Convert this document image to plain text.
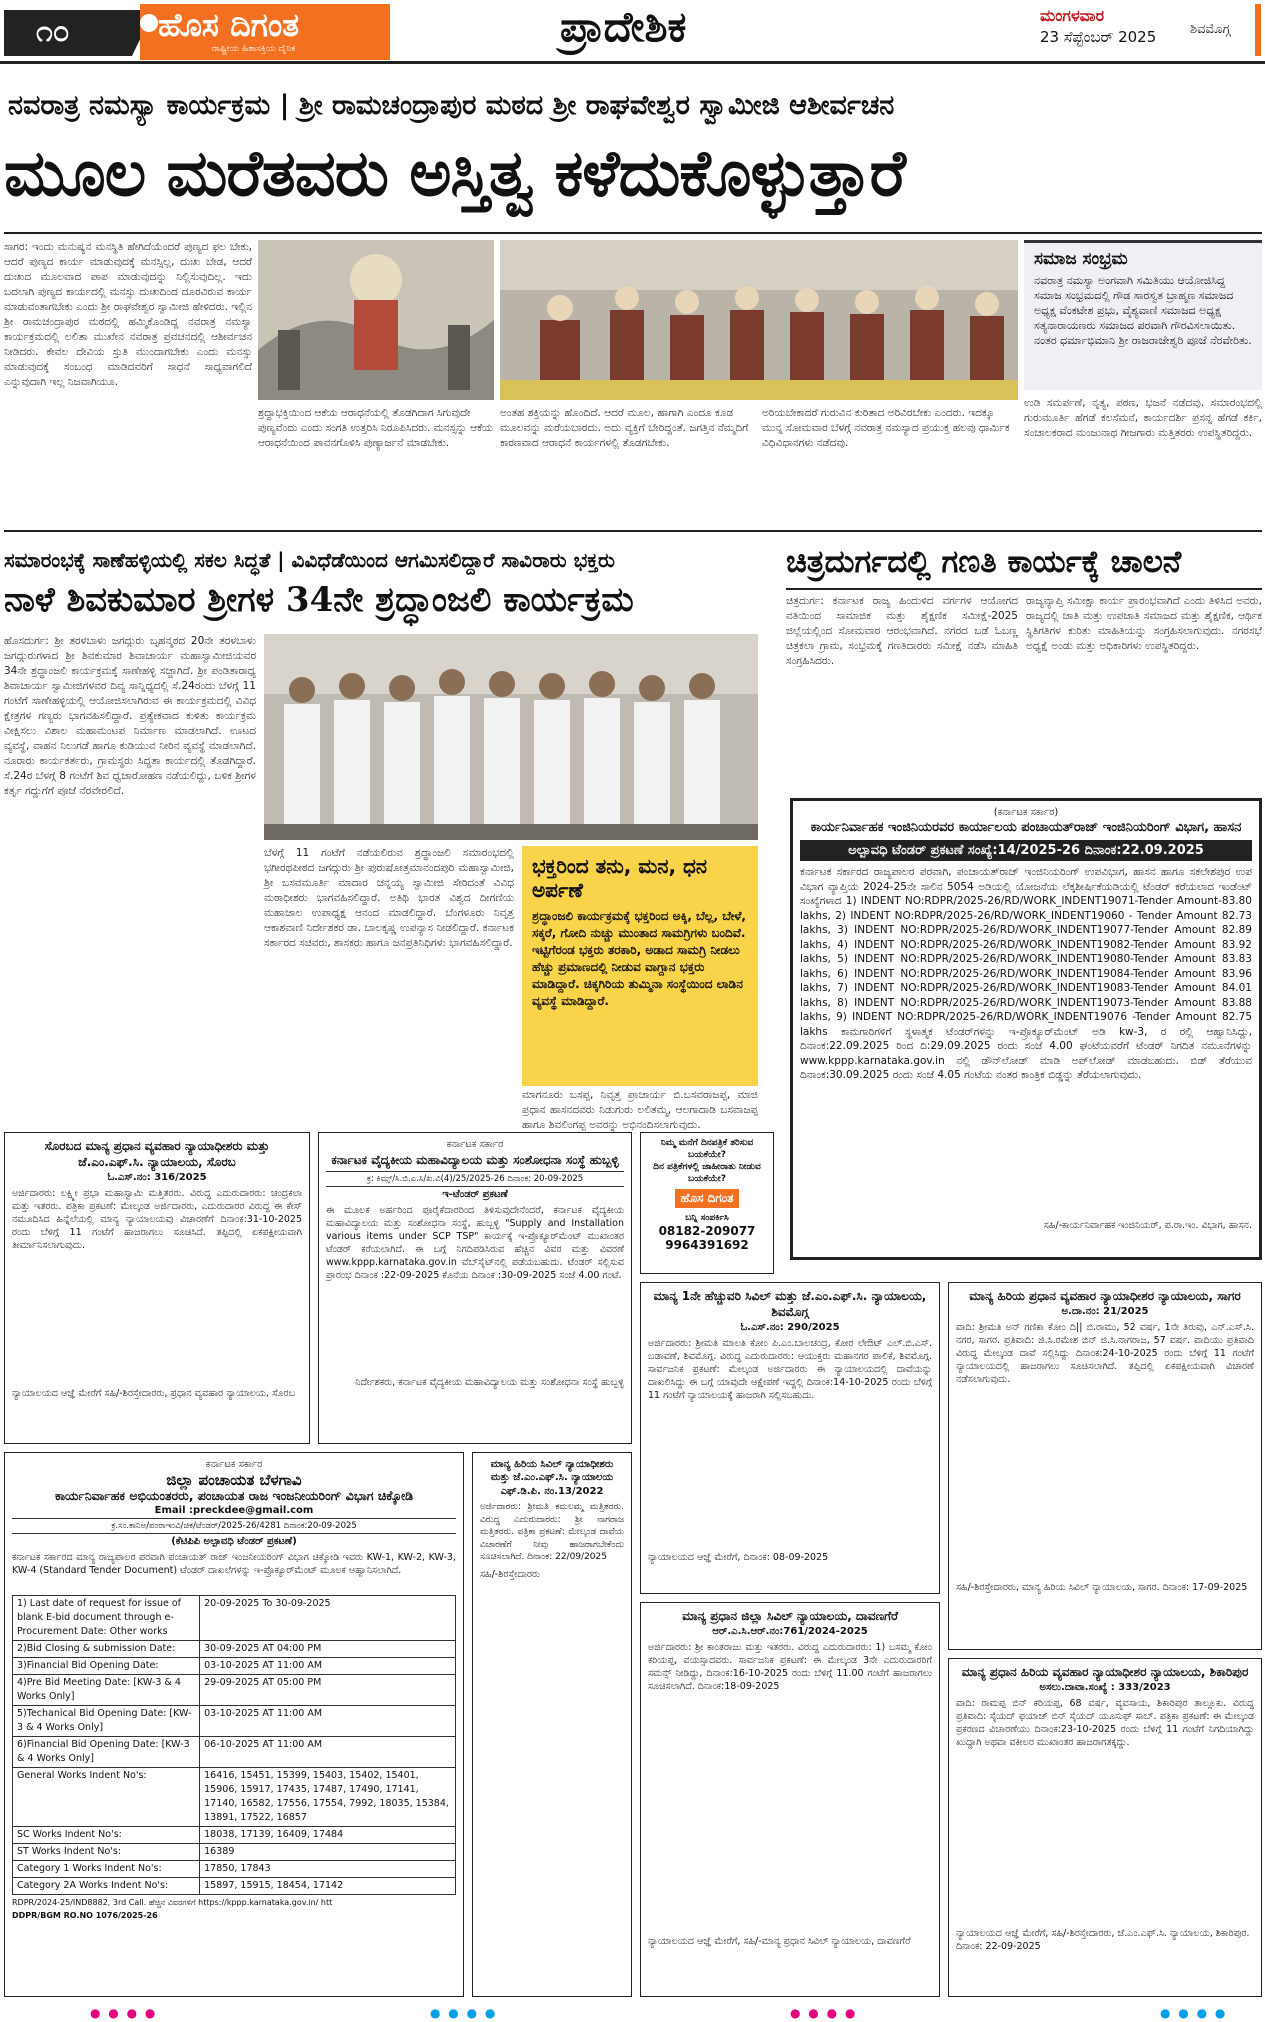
೧೦	ಹೊಸ ದಿಗಂತ
ರಾಷ್ಟ್ರೀಯ ಹಿತಾಸಕ್ತಿಯ ದೈನಿಕ	ಪ್ರಾದೇಶಿಕ	ಮಂಗಳವಾರ
23 ಸೆಪ್ಟೆಂಬರ್ 2025	ಶಿವಮೊಗ್ಗ
ನವರಾತ್ರ ನಮಸ್ಯಾ ಕಾರ್ಯಕ್ರಮ | ಶ್ರೀ ರಾಮಚಂದ್ರಾಪುರ ಮಠದ ಶ್ರೀ ರಾಘವೇಶ್ವರ ಸ್ವಾಮೀಜಿ ಆಶೀರ್ವಚನ
ಮೂಲ ಮರೆತವರು ಅಸ್ತಿತ್ವ ಕಳೆದುಕೊಳ್ಳುತ್ತಾರೆ
ಸಾಗರ: ಇಂದು ಮನುಷ್ಯನ ಮನಸ್ಥಿತಿ ಹೇಗಿದೆಯೆಂದರೆ ಪುಣ್ಯದ ಫಲ ಬೇಕು, ಆದರೆ ಪುಣ್ಯದ ಕಾರ್ಯ ಮಾಡುವುದಕ್ಕೆ ಮನಸ್ಸಿಲ್ಲ, ದುಃಖ ಬೇಡ, ಆದರೆ ದುಃಖದ ಮೂಲವಾದ ಪಾಪ ಮಾಡುವುದನ್ನು ನಿಲ್ಲಿಸುವುದಿಲ್ಲ. ಇದು ಬದಲಾಗಿ ಪುಣ್ಯದ ಕಾರ್ಯದಲ್ಲಿ ಮನಸ್ಸು ದುಃಖದಿಂದ ದೂರವಿರುವ ಕಾರ್ಯ ಮಾಡುವಂತಾಗಬೇಕು ಎಂದು ಶ್ರೀ ರಾಘವೇಶ್ವರ ಸ್ವಾಮೀಜಿ ಹೇಳಿದರು. ಇಲ್ಲಿನ ಶ್ರೀ ರಾಮಚಂದ್ರಾಪುರ ಮಠದಲ್ಲಿ ಹಮ್ಮಿಕೊಂಡಿದ್ದ ನವರಾತ್ರ ನಮಸ್ಯಾ ಕಾರ್ಯಕ್ರಮದಲ್ಲಿ ಲಲಿತಾ ಮುಖೇನ ನವರಾತ್ರ ಪ್ರವಚನದಲ್ಲಿ ಆಶೀರ್ವಚನ ನೀಡಿದರು. ಕೇವಲ ದೇವಿಯ ಸ್ತುತಿ ಮುಂದಾಗಬೇಕು ಎಂದು ಮನಸ್ಸು ಮಾಡುವುದಕ್ಕೆ ಸಂಬಂಧ ಮಾಡಿದವರಿಗೆ ಸಾಧನೆ ಸಾಧ್ಯವಾಗಲಿದೆ ಎನ್ನುವುದಾಗಿ ಇಲ್ಲ ನಿಜವಾಗಿಯೂ.
ಶ್ರದ್ಧಾಭಕ್ತಿಯಿಂದ ಆಕೆಯ ಆರಾಧನೆಯಲ್ಲಿ ತೊಡಗಿದಾಗ ಸಿಗುವುದೇ ಪುಣ್ಯವೆಂದು ಎಂದು ಸಂಗತಿ ಉತ್ತರಿಸಿ ನಿರೂಪಿಸಿದರು. ಮನಸ್ಸನ್ನು ಆಕೆಯ ಆರಾಧನೆಯಿಂದ ಪಾವನಗೊಳಿಸಿ ಪುಣ್ಯಾರ್ಜನೆ ಮಾಡಬೇಕು.
ಅಂತಹ ಶಕ್ತಿಯನ್ನು ಹೊಂದಿದೆ. ಆದರೆ ಮೂಲ, ಹಾಗಾಗಿ ಎಂದೂ ಕೂಡ ಮೂಲವನ್ನು ಮರೆಯಬಾರದು. ಅದು ವ್ಯಕ್ತಿಗೆ ಬೇರಿದ್ದಂತೆ. ಜಗತ್ತಿನ ನೆಮ್ಮದಿಗೆ ಕಾರಣವಾದ ಆರಾಧನೆ ಕಾರ್ಯಗಳಲ್ಲಿ ತೊಡಗಬೇಕು.
ಅರಿಯಬೇಕಾದರೆ ಗುರುವಿನ ಕುರಿತಾದ ಅರಿವಿರಬೇಕು ಎಂದರು. ಇದಕ್ಕೂ ಮುನ್ನ ಸೋಮವಾರ ಬೆಳಗ್ಗೆ ನವರಾತ್ರ ನಮಸ್ಯಾದ ಪ್ರಯುಕ್ತ ಹಲವು ಧಾರ್ಮಿಕ ವಿಧಿವಿಧಾನಗಳು ನಡೆದವು.
ಸಮಾಜ ಸಂಭ್ರಮ

ನವರಾತ್ರ ನಮಸ್ಯಾ ಅಂಗವಾಗಿ ಸಮಿತಿಯು ಆಯೋಜಿಸಿದ್ದ ಸಮಾಜ ಸಂಭ್ರಮದಲ್ಲಿ ಗೌಡ ಸಾರಸ್ವತ ಬ್ರಾಹ್ಮಣ ಸಮಾಜದ ಅಧ್ಯಕ್ಷ ವೆಂಕಟೇಶ ಪ್ರಭು, ವೈಶ್ಯವಾಣಿ ಸಮಾಜದ ಅಧ್ಯಕ್ಷ ಸತ್ಯನಾರಾಯಣರು ಸಮಾಜದ ಪರವಾಗಿ ಗೌರವಿಸಲಾಯಿತು. ನಂತರ ಧರ್ಮಾಭಿಮಾನಿ ಶ್ರೀ ರಾಜರಾಜೇಶ್ವರಿ ಪೂಜೆ ನೆರವೇರಿತು.

ಉಡಿ ಸಮರ್ಪಣೆ, ನೃತ್ಯ, ಪಠಣ, ಭಜನೆ ನಡೆದವು. ಸಮಾರಂಭದಲ್ಲಿ ಗುರುಮೂರ್ತಿ ಹೆಗಡೆ ಕಲಸೆಮನೆ, ಕಾರ್ಯದರ್ಶಿ ಪ್ರಸನ್ನ ಹೆಗಡೆ ಕರ್ಕಿ, ಸಂಚಾಲಕರಾದ ಮಂಜುನಾಥ ಗೀಜಗಾರು ಮತ್ತಿತರರು ಉಪಸ್ಥಿತರಿದ್ದರು.
ಸಮಾರಂಭಕ್ಕೆ ಸಾಣೆಹಳ್ಳಿಯಲ್ಲಿ ಸಕಲ ಸಿದ್ಧತೆ | ವಿವಿಧೆಡೆಯಿಂದ ಆಗಮಿಸಲಿದ್ದಾರೆ ಸಾವಿರಾರು ಭಕ್ತರು
ನಾಳೆ ಶಿವಕುಮಾರ ಶ್ರೀಗಳ 34ನೇ ಶ್ರದ್ಧಾಂಜಲಿ ಕಾರ್ಯಕ್ರಮ
ಹೊಸದುರ್ಗ: ಶ್ರೀ ತರಳಬಾಳು ಜಗದ್ಗುರು ಬೃಹನ್ಮಠದ 20ನೇ ತರಳಬಾಳು ಜಗದ್ಗುರುಗಳಾದ ಶ್ರೀ ಶಿವಕುಮಾರ ಶಿವಾಚಾರ್ಯ ಮಹಾಸ್ವಾಮೀಜಿಯವರ 34ನೇ ಶ್ರದ್ಧಾಂಜಲಿ ಕಾರ್ಯಕ್ರಮಕ್ಕೆ ಸಾಣೇಹಳ್ಳಿ ಸಜ್ಜಾಗಿದೆ. ಶ್ರೀ ಪಂಡಿತಾರಾಧ್ಯ ಶಿವಾಚಾರ್ಯ ಸ್ವಾಮೀಜಿಗಳವರ ದಿವ್ಯ ಸಾನ್ನಿಧ್ಯದಲ್ಲಿ ಸೆ.24ರಂದು ಬೆಳಗ್ಗೆ 11 ಗಂಟೆಗೆ ಸಾಣೇಹಳ್ಳಿಯಲ್ಲಿ ಆಯೋಜಿಸಲಾಗಿರುವ ಈ ಕಾರ್ಯಕ್ರಮದಲ್ಲಿ ವಿವಿಧ ಕ್ಷೇತ್ರಗಳ ಗಣ್ಯರು ಭಾಗವಹಿಸಲಿದ್ದಾರೆ. ಪ್ರತ್ಯೇಕವಾದ ಕುಳಿತು ಕಾರ್ಯಕ್ರಮ ವೀಕ್ಷಿಸಲು ವಿಶಾಲ ಮಹಾಮಂಟಪ ನಿರ್ಮಾಣ ಮಾಡಲಾಗಿದೆ. ಊಟದ ವ್ಯವಸ್ಥೆ, ವಾಹನ ನಿಲುಗಡೆ ಹಾಗೂ ಕುಡಿಯುವ ನೀರಿನ ವ್ಯವಸ್ಥೆ ಮಾಡಲಾಗಿದೆ. ನೂರಾರು ಕಾರ್ಯಕರ್ತರು, ಗ್ರಾಮಸ್ಥರು ಸಿದ್ಧತಾ ಕಾರ್ಯದಲ್ಲಿ ತೊಡಗಿದ್ದಾರೆ. ಸೆ.24ರ ಬೆಳಗ್ಗೆ 8 ಗಂಟೆಗೆ ಶಿವ ಧ್ವಜಾರೋಹಣ ನಡೆಯಲಿದ್ದು, ಬಳಿಕ ಶ್ರೀಗಳ ಕರ್ತೃ ಗದ್ದುಗೆಗೆ ಪೂಜೆ ನೆರವೇರಲಿದೆ.
ಬೆಳಗ್ಗೆ 11 ಗಂಟೆಗೆ ನಡೆಯಲಿರುವ ಶ್ರದ್ಧಾಂಜಲಿ ಸಮಾರಂಭದಲ್ಲಿ ಭಗೀರಥಪೀಠದ ಜಗದ್ಗುರು ಶ್ರೀ ಪುರುಷೋತ್ತಮಾನಂದಪುರಿ ಮಹಾಸ್ವಾಮೀಜಿ, ಶ್ರೀ ಬಸವಮೂರ್ತಿ ಮಾದಾರ ಚನ್ನಯ್ಯ ಸ್ವಾಮೀಜಿ ಸೇರಿದಂತೆ ವಿವಿಧ ಮಠಾಧೀಶರು ಭಾಗವಹಿಸಲಿದ್ದಾರೆ. ಅತಿಥಿ ಭಾರತ ವಿಶ್ವದ ದೀಗಣಿಯ ಮಹಾಜಾಲ ಉಪಾಧ್ಯಕ್ಷ ಆನಂದ ಮಾಡಲಿದ್ದಾರೆ. ಬೆಂಗಳೂರು ನಿವೃತ್ತ ಆಕಾಶವಾಣಿ ನಿರ್ದೇಶಕರ ಡಾ. ಬಾಲಕೃಷ್ಣ ಉಪನ್ಯಾಸ ನೀಡಲಿದ್ದಾರೆ. ಕರ್ನಾಟಕ ಸರ್ಕಾರದ ಸಚಿವರು, ಶಾಸಕರು ಹಾಗೂ ಜನಪ್ರತಿನಿಧಿಗಳು ಭಾಗವಹಿಸಲಿದ್ದಾರೆ.
ಭಕ್ತರಿಂದ ತನು, ಮನ, ಧನ ಅರ್ಪಣೆ

ಶ್ರದ್ಧಾಂಜಲಿ ಕಾರ್ಯಕ್ರಮಕ್ಕೆ ಭಕ್ತರಿಂದ ಅಕ್ಕಿ, ಬೆಲ್ಲ, ಬೇಳೆ, ಸಕ್ಕರೆ, ಗೋದಿ ನುಚ್ಚು ಮುಂತಾದ ಸಾಮಗ್ರಿಗಳು ಬಂದಿವೆ. ಇಟ್ಟಿಗೆರಂಡ ಭಕ್ತರು ತರಕಾರಿ, ಅಡಾದ ಸಾಮಗ್ರಿ ನೀಡಲು ಹೆಚ್ಚು ಪ್ರಮಾಣದಲ್ಲಿ ನೀಡುವ ವಾಗ್ದಾನ ಭಕ್ತರು ಮಾಡಿದ್ದಾರೆ. ಚಿಕ್ಕಗಿರಿಯ ತುಮ್ಮಿನಾ ಸಂಸ್ಥೆಯಿಂದ ಲಾಡಿನ ವ್ಯವಸ್ಥೆ ಮಾಡಿದ್ದಾರೆ.

ಮಾಗನೂರು ಬಸಪ್ಪ, ನಿವೃತ್ತ ಪ್ರಾಚಾರ್ಯ ಬಿ.ಬಸವರಾಜಪ್ಪ, ಮಾಜಿ ಪ್ರಧಾನ ಹಾಸನದವರು ನಿಡುಗುರು ಲಲಿತಮ್ಮ, ಆಲಗಾದಾಡಿ ಬಸವಾಜಪ್ಪ ಹಾಗೂ ಶಿವಲಿಂಗಪ್ಪ ಅವರನ್ನು ಅಭಿನಂದಿಸಲಾಗುವುದು.
ಚಿತ್ರದುರ್ಗದಲ್ಲಿ ಗಣತಿ ಕಾರ್ಯಕ್ಕೆ ಚಾಲನೆ
ಚಿತ್ರದುರ್ಗ: ಕರ್ನಾಟಕ ರಾಜ್ಯ ಹಿಂದುಳಿದ ವರ್ಗಗಳ ಆಯೋಗದ ವತಿಯಿಂದ ಸಾಮಾಜಿಕ ಮತ್ತು ಶೈಕ್ಷಣಿಕ ಸಮೀಕ್ಷೆ-2025 ಜಿಲ್ಲೆಯಲ್ಲಿಂದ ಸೋಮವಾರ ಆರಂಭವಾಗಿದೆ. ನಗರದ ಬಡೆ ಓಬಣ್ಣ ಚಿತ್ರಕಲಾ ಗ್ರಾಮ, ಸಂಭ್ರಮಕ್ಕೆ ಗಣತಿದಾರರು ಸಮೀಕ್ಷೆ ನಡೆಸಿ ಮಾಹಿತಿ ಸಂಗ್ರಹಿಸಿದರು.
ರಾಜ್ಯವ್ಯಾಪ್ತಿ ಸಮೀಕ್ಷಾ ಕಾರ್ಯ ಪ್ರಾರಂಭವಾಗಿದೆ ಎಂದು ತಿಳಿಸಿದ ಅವರು, ರಾಜ್ಯದಲ್ಲಿ ಜಾತಿ ಮತ್ತು ಉಪಜಾತಿ ಸಮಾಜದ ಮತ್ತು ಶೈಕ್ಷಣಿಕ, ಆರ್ಥಿಕ ಸ್ಥಿತಿಗತಿಗಳ ಕುರಿತು ಮಾಹಿತಿಯನ್ನು ಸಂಗ್ರಹಿಸಲಾಗುವುದು. ನಗರಸಭೆ ಅಧ್ಯಕ್ಷೆ ಅಂಡು ಮತ್ತು ಅಧಿಕಾರಿಗಳು ಉಪಸ್ಥಿತರಿದ್ದರು.
(ಕರ್ನಾಟಕ ಸರ್ಕಾರ)
ಕಾರ್ಯನಿರ್ವಾಹಕ ಇಂಜಿನಿಯರವರ ಕಾರ್ಯಾಲಯ ಪಂಚಾಯತ್‌ರಾಜ್ ಇಂಜಿನಿಯರಿಂಗ್ ವಿಭಾಗ, ಹಾಸನ
ಅಲ್ಪಾವಧಿ ಟೆಂಡರ್ ಪ್ರಕಟಣೆ ಸಂಖ್ಯೆ:14/2025-26 ದಿನಾಂಕ:22.09.2025
ಕರ್ನಾಟಕ ಸರ್ಕಾರದ ರಾಜ್ಯಪಾಲರ ಪರವಾಗಿ, ಪಂಚಾಯತ್‌ರಾಜ್ ಇಂಜಿನಿಯರಿಂಗ್ ಉಪವಿಭಾಗ, ಹಾಸನ ಹಾಗೂ ಸಕಲೇಶಪುರ ಉಪ ವಿಭಾಗ ವ್ಯಾಪ್ತಿಯ 2024-25ನೇ ಸಾಲಿನ 5054 ಅಡಿಯಲ್ಲಿ ಯೋಜನೆಯ ಲೆಕ್ಕಶೀರ್ಷಿಕೆಯಡಿಯಲ್ಲಿ ಟೆಂಡರ್ ಕರೆಯಲಾದ ಇಂಡೆಂಟ್ ಸಂಖ್ಯೆಗಳಾದ 1) INDENT NO:RDPR/2025-26/RD/WORK_INDENT19071-Tender Amount-83.80 lakhs, 2) INDENT NO:RDPR/2025-26/RD/WORK_INDENT19060 - Tender Amount 82.73 lakhs, 3) INDENT NO:RDPR/2025-26/RD/WORK_INDENT19077-Tender Amount 82.89 lakhs, 4) INDENT NO:RDPR/2025-26/RD/WORK_INDENT19082-Tender Amount 83.92 lakhs, 5) INDENT NO:RDPR/2025-26/RD/WORK_INDENT19080-Tender Amount 83.83 lakhs, 6) INDENT NO:RDPR/2025-26/RD/WORK_INDENT19084-Tender Amount 83.96 lakhs, 7) INDENT NO:RDPR/2025-26/RD/WORK_INDENT19083-Tender Amount 84.01 lakhs, 8) INDENT NO:RDPR/2025-26/RD/WORK_INDENT19073-Tender Amount 83.88 lakhs, 9) INDENT NO:RDPR/2025-26/RD/WORK_INDENT19076 -Tender Amount 82.75 lakhs ಕಾಮಗಾರಿಗಳಿಗೆ ಸ್ಥಳಾತ್ಮಕ ಟೆಂಡರ್‌ಗಳನ್ನು ಇ-ಪ್ರೊಕ್ಯೂರ್‌ಮೆಂಟ್ ಅಡಿ kw-3, ರ ರಲ್ಲಿ ಆಹ್ವಾನಿಸಿದ್ದು, ದಿನಾಂಕ:22.09.2025 ರಿಂದ ದಿ:29.09.2025 ರಂದು ಸಂಜೆ 4.00 ಘಂಟೆಯವರೆಗೆ ಟೆಂಡರ್ ನಿಗದಿತ ನಮೂನೆಗಳನ್ನು www.kppp.karnataka.gov.in ನಲ್ಲಿ ಡೌನ್‌ಲೋಡ್ ಮಾಡಿ ಅಪ್‌ಲೋಡ್ ಮಾಡಬಹುದು. ಬಿಡ್ ತೆರೆಯುವ ದಿನಾಂಕ:30.09.2025 ರಂದು ಸಂಜೆ 4.05 ಗಂಟೆಯ ನಂತರ ಕಾಂತ್ರಿಕ ಬಿಡ್ಡನ್ನು ತೆರೆಯಲಾಗುವುದು.
ಸಹಿ/-ಕಾರ್ಯನಿರ್ವಾಹಕ ಇಂಜಿನಿಯರ್, ಪ.ರಾ.ಇಂ. ವಿಭಾಗ, ಹಾಸನ.
ಸೊರಬದ ಮಾನ್ಯ ಪ್ರಧಾನ ವ್ಯವಹಾರ ನ್ಯಾಯಾಧೀಶರು ಮತ್ತು ಜೆ.ಎಂ.ಎಫ್.ಸಿ. ನ್ಯಾಯಾಲಯ, ಸೊರಬ
ಓ.ಎಸ್.ನಂ: 316/2025
ಅರ್ಜಿದಾರರು: ಲಕ್ಷ್ಮೀ ಪ್ರಭಾ ಮಹಾಸ್ವಾಮಿ ಮತ್ತಿತರರು. ವಿರುದ್ಧ ಎದುರುದಾರರು: ಚಂದ್ರಕಲಾ ಮತ್ತು ಇತರರು. ಪತ್ರಿಕಾ ಪ್ರಕಟಣೆ: ಮೇಲ್ಕಂಡ ಅರ್ಜಿದಾರರು, ಎದುರುದಾರರ ವಿರುದ್ಧ ಈ ಕೇಸ್ ನಮೂದಿಸಿದ ಹಿನ್ನೆಲೆಯಲ್ಲಿ ಮಾನ್ಯ ನ್ಯಾಯಾಲಯವು ವಿಚಾರಣೆಗೆ ದಿನಾಂಕ:31-10-2025 ರಂದು ಬೆಳಿಗ್ಗೆ 11 ಗಂಟೆಗೆ ಹಾಜರಾಗಲು ಸೂಚಿಸಿದೆ. ತಪ್ಪಿದಲ್ಲಿ ಏಕಪಕ್ಷೀಯವಾಗಿ ತೀರ್ಮಾನಿಸಲಾಗುವುದು.
ನ್ಯಾಯಾಲಯದ ಆಜ್ಞೆ ಮೇರೆಗೆ ಸಹಿ/-ಶಿರಸ್ತೇದಾರರು, ಪ್ರಧಾನ ವ್ಯವಹಾರ ನ್ಯಾಯಾಲಯ, ಸೊರಬ
ಕರ್ನಾಟಕ ಸರ್ಕಾರ
ಕರ್ನಾಟಕ ವೈದ್ಯಕೀಯ ಮಹಾವಿದ್ಯಾಲಯ ಮತ್ತು ಸಂಶೋಧನಾ ಸಂಸ್ಥೆ ಹುಬ್ಬಳ್ಳಿ
ಕ್ರ: ಕಿಮ್ಸ್/ಸಿ.ಬಿ.ಎ.ಸಿ/ಖ.ವಿ(4)/25/2025-26 ದಿನಾಂಕ: 20-09-2025
ಇ-ಟೆಂಡರ್ ಪ್ರಕಟಣೆ
ಈ ಮೂಲಕ ಅರ್ಹರಿಂದ ಪೂರೈಕೆದಾರರಿಂದ ತಿಳಿಸುವುದೇನೆಂದರೆ, ಕರ್ನಾಟಕ ವೈದ್ಯಕೀಯ ಮಹಾವಿದ್ಯಾಲಯ ಮತ್ತು ಸಂಶೋಧನಾ ಸಂಸ್ಥೆ, ಹುಬ್ಬಳ್ಳಿ "Supply and Installation various items under SCP TSP" ಕಾರ್ಯಕ್ಕೆ ಇ-ಪ್ರೊಕ್ಯೂರ್‌ಮೆಂಟ್ ಮುಖಾಂತರ ಟೆಂಡರ್ ಕರೆಯಲಾಗಿದೆ. ಈ ಬಗ್ಗೆ ನಿಗದಿಪಡಿಸಿರುವ ಹೆಚ್ಚಿನ ವಿವರ ಮತ್ತು ವಿವರಣೆ www.kppp.karnataka.gov.in ವೆಬ್‌ಸೈಟ್‌ನಲ್ಲಿ ಪಡೆಯಬಹುದು. ಟೆಂಡರ್ ಸಲ್ಲಿಸುವ ಪ್ರಾರಂಭ ದಿನಾಂಕ :22-09-2025 ಕೊನೆಯ ದಿನಾಂಕ :30-09-2025 ಸಂಜೆ 4.00 ಗಂಟೆ.
ನಿರ್ದೇಶಕರು, ಕರ್ನಾಟಕ ವೈದ್ಯಕೀಯ ಮಹಾವಿದ್ಯಾಲಯ ಮತ್ತು ಸಂಶೋಧನಾ ಸಂಸ್ಥೆ ಹುಬ್ಬಳ್ಳಿ
ನಿಮ್ಮ ಮನೆಗೆ ದಿನಪತ್ರಿಕೆ ತರಿಸುವ ಬಯಕೆಯೇ?
ದಿನ ಪತ್ರಿಕೆಗಳಲ್ಲಿ ಜಾಹೀರಾತು ನೀಡುವ ಬಯಕೆಯೇ?
ಹೊಸ ದಿಗಂತ
ಬನ್ನಿ ಸಂಪರ್ಕಿಸಿ
08182-209077
9964391692
ಮಾನ್ಯ 1ನೇ ಹೆಚ್ಚುವರಿ ಸಿವಿಲ್ ಮತ್ತು ಜೆ.ಎಂ.ಎಫ್.ಸಿ. ನ್ಯಾಯಾಲಯ, ಶಿವಮೊಗ್ಗ
ಓ.ಎಸ್.ನಂ: 290/2025
ಅರ್ಜಿದಾರರು: ಶ್ರೀಮತಿ ಮಾಲತಿ ಕೋಂ ಪಿ.ಎಂ.ಬಾಲಚಂದ್ರ, ಕೋರ ಲೇಔಟ್ ಎಲ್.ಬಿ.ಎಸ್. ಬಡಾವಣೆ, ಶಿವಮೊಗ್ಗ. ವಿರುದ್ಧ ಎದುರುದಾರರು: ಆಯುಕ್ತರು ಮಹಾನಗರ ಪಾಲಿಕೆ, ಶಿವಮೊಗ್ಗ. ಸಾರ್ವಜನಿಕ ಪ್ರಕಟಣೆ: ಮೇಲ್ಕಂಡ ಅರ್ಜಿದಾರರು ಈ ನ್ಯಾಯಾಲಯದಲ್ಲಿ ದಾವೆಯನ್ನು ದಾಖಲಿಸಿದ್ದು ಈ ಬಗ್ಗೆ ಯಾವುದೇ ಆಕ್ಷೇಪಣೆ ಇದ್ದಲ್ಲಿ ದಿನಾಂಕ:14-10-2025 ರಂದು ಬೆಳಿಗ್ಗೆ 11 ಗಂಟೆಗೆ ನ್ಯಾಯಾಲಯಕ್ಕೆ ಹಾಜರಾಗಿ ಸಲ್ಲಿಸಬಹುದು.
ನ್ಯಾಯಾಲಯದ ಆಜ್ಞೆ ಮೇರೆಗೆ, ದಿನಾಂಕ: 08-09-2025
ಮಾನ್ಯ ಹಿರಿಯ ಪ್ರಧಾನ ವ್ಯವಹಾರ ನ್ಯಾಯಾಧೀಶರ ನ್ಯಾಯಾಲಯ, ಸಾಗರ
ಅ.ದಾ.ನಂ: 21/2025
ವಾದಿ: ಶ್ರೀಮತಿ ಅನ್ ಗಣಿಕಾ ಕೋಂ ದಿ|| ಬಿ.ರಾಮು, 52 ವರ್ಷ, 1ನೇ ತಿರುವು, ಎನ್.ಎಸ್.ಸಿ. ನಗರ, ಸಾಗರ. ಪ್ರತಿವಾದಿ: ಜಿ.ಸಿ.ರಮೇಶ ಬಿನ್ ಜಿ.ಸಿ.ನಾಗರಾಜ, 57 ವರ್ಷ. ವಾದಿಯು ಪ್ರತಿವಾದಿ ವಿರುದ್ಧ ಮೇಲ್ಕಂಡ ದಾವೆ ಸಲ್ಲಿಸಿದ್ದು ದಿನಾಂಕ:24-10-2025 ರಂದು ಬೆಳಿಗ್ಗೆ 11 ಗಂಟೆಗೆ ನ್ಯಾಯಾಲಯದಲ್ಲಿ ಹಾಜರಾಗಲು ಸೂಚಿಸಲಾಗಿದೆ. ತಪ್ಪಿದಲ್ಲಿ ಏಕಪಕ್ಷೀಯವಾಗಿ ವಿಚಾರಣೆ ನಡೆಸಲಾಗುವುದು.
ಸಹಿ/-ಶಿರಸ್ತೇದಾರರು, ಮಾನ್ಯ ಹಿರಿಯ ಸಿವಿಲ್ ನ್ಯಾಯಾಲಯ, ಸಾಗರ. ದಿನಾಂಕ: 17-09-2025
ಕರ್ನಾಟಕ ಸರ್ಕಾರ
ಜಿಲ್ಲಾ ಪಂಚಾಯತ ಬೆಳಗಾವಿ
ಕಾರ್ಯನಿರ್ವಾಹಕ ಅಭಿಯಂತರರು, ಪಂಚಾಯತ ರಾಜ ಇಂಜನೀಯರಿಂಗ್ ವಿಭಾಗ ಚಿಕ್ಕೋಡಿ
Email :preckdee@gmail.com
ಕ್ರ.ಸಂ.ಕಾನಿಅ/ಪಂರಾಇಂವಿ/ಚಿಕ/ಟೆಂಡರ್/2025-26/4281 ದಿನಾಂಕ:20-09-2025
(ಕೆಟಿಪಿಪಿ ಅಲ್ಪಾವಧಿ ಟೆಂಡರ್ ಪ್ರಕಟಣೆ)
ಕರ್ನಾಟಕ ಸರ್ಕಾರದ ಮಾನ್ಯ ರಾಜ್ಯಪಾಲರ ಪರವಾಗಿ ಪಂಚಾಯತ್ ರಾಜ್ ಇಂಜನೀಯರಿಂಗ್ ವಿಭಾಗ ಚಿಕ್ಕೋಡಿ ಇವರು KW-1, KW-2, KW-3, KW-4 (Standard Tender Document) ಟೆಂಡರ್ ದಾಖಲೆಗಳನ್ನು ಇ-ಪ್ರೊಕ್ಯೂರ್‌ಮೆಂಟ್ ಮೂಲಕ ಆಹ್ವಾನಿಸಲಾಗಿದೆ.
1) Last date of request for issue of blank E-bid document through e-Procurement Date: Other works	20-09-2025 To 30-09-2025
2)Bid Closing & submission Date:	30-09-2025 AT 04:00 PM
3)Financial Bid Opening Date:	03-10-2025 AT 11:00 AM
4)Pre Bid Meeting Date: [KW-3 & 4 Works Only]	29-09-2025 AT 05:00 PM
5)Techanical Bid Opening Date: [KW-3 & 4 Works Only]	03-10-2025 AT 11:00 AM
6)Financial Bid Opening Date: [KW-3 & 4 Works Only]	06-10-2025 AT 11:00 AM
General Works Indent No's:	16416, 15451, 15399, 15403, 15402, 15401, 15906, 15917, 17435, 17487, 17490, 17141, 17140, 16582, 17556, 17554, 7992, 18035, 15384, 13891, 17522, 16857
SC Works Indent No's:	18038, 17139, 16409, 17484
ST Works Indent No's:	16389
Category 1 Works Indent No's:	17850, 17843
Category 2A Works Indent No's:	15897, 15915, 18454, 17142
RDPR/2024-25/IND8882, 3rd Call. ಹೆಚ್ಚಿನ ವಿವರಗಳಿಗೆ https://kppp.karnataka.gov.in/ htt
DDPR/BGM RO.NO 1076/2025-26
ಮಾನ್ಯ ಹಿರಿಯ ಸಿವಿಲ್ ನ್ಯಾಯಾಧೀಶರು ಮತ್ತು ಜೆ.ಎಂ.ಎಫ್.ಸಿ. ನ್ಯಾಯಾಲಯ
ಎಫ್.ಡಿ.ಪಿ. ನಂ.13/2022
ಅರ್ಜಿದಾರರು: ಶ್ರೀಮತಿ ಕಮಲಮ್ಮ ಮತ್ತಿತರರು. ವಿರುದ್ಧ ಎದುರುದಾರರು: ಶ್ರೀ ನಾಗರಾಜ ಮತ್ತಿತರರು. ಪತ್ರಿಕಾ ಪ್ರಕಟಣೆ: ಮೇಲ್ಕಂಡ ದಾವೆಯ ವಿಚಾರಣೆಗೆ ನೀವು ಹಾಜರಾಗಬೇಕೆಂದು ಸೂಚಿಸಲಾಗಿದೆ. ದಿನಾಂಕ: 22/09/2025
ಸಹಿ/-ಶಿರಸ್ತೇದಾರರು
ಮಾನ್ಯ ಪ್ರಧಾನ ಜಿಲ್ಲಾ ಸಿವಿಲ್ ನ್ಯಾಯಾಲಯ, ದಾವಣಗೆರೆ
ಆರ್.ಎ.ಸಿ.ಆರ್.ನಂ:761/2024-2025
ಅರ್ಜಿದಾರರು: ಶ್ರೀ ಕಾಂತರಾಜು ಮತ್ತು ಇತರರು. ವಿರುದ್ಧ ಎದುರುದಾರರು: 1) ಬಸಮ್ಮ ಕೋಂ ಕರಿಯಪ್ಪ, ವಯಸ್ಸಾದವರು. ಸಾರ್ವಜನಿಕ ಪ್ರಕಟಣೆ: ಈ ಮೇಲ್ಕಂಡ 3ನೇ ಎದುರುದಾರರಿಗೆ ಸಮನ್ಸ್ ನೀಡಿದ್ದು, ದಿನಾಂಕ:16-10-2025 ರಂದು ಬೆಳಿಗ್ಗೆ 11.00 ಗಂಟೆಗೆ ಹಾಜರಾಗಲು ಸೂಚಿಸಲಾಗಿದೆ. ದಿನಾಂಕ:18-09-2025
ನ್ಯಾಯಾಲಯದ ಆಜ್ಞೆ ಮೇರೆಗೆ, ಸಹಿ/-ಮಾನ್ಯ ಪ್ರಧಾನ ಸಿವಿಲ್ ನ್ಯಾಯಾಲಯ, ದಾವಣಗೆರೆ
ಮಾನ್ಯ ಪ್ರಧಾನ ಹಿರಿಯ ವ್ಯವಹಾರ ನ್ಯಾಯಾಧೀಶರ ನ್ಯಾಯಾಲಯ, ಶಿಕಾರಿಪುರ
ಅಸಲು.ದಾವಾ.ಸಂಖ್ಯೆ : 333/2023
ವಾದಿ: ರಾಮಪ್ಪ ಬಿನ್ ಕರಿಯಪ್ಪ, 68 ವರ್ಷ, ವ್ಯವಸಾಯ, ಶಿಕಾರಿಪುರ ತಾಲ್ಲೂಕು. ವಿರುದ್ಧ ಪ್ರತಿವಾದಿ: ಸೈಯದ್ ಫಯಾಜ್ ಬಿನ್ ಸೈಯದ್ ಯೂಸುಫ್ ಸಾಬ್. ಪತ್ರಿಕಾ ಪ್ರಕಟಣೆ: ಈ ಮೇಲ್ಕಂಡ ಪ್ರಕರಣದ ವಿಚಾರಣೆಯು ದಿನಾಂಕ:23-10-2025 ರಂದು ಬೆಳಿಗ್ಗೆ 11 ಗಂಟೆಗೆ ನಿಗದಿಯಾಗಿದ್ದು ಖುದ್ದಾಗಿ ಅಥವಾ ವಕೀಲರ ಮುಖಾಂತರ ಹಾಜರಾಗತಕ್ಕದ್ದು.
ನ್ಯಾಯಾಲಯದ ಆಜ್ಞೆ ಮೇರೆಗೆ, ಸಹಿ/-ಶಿರಸ್ತೇದಾರರು, ಜೆ.ಎಂ.ಎಫ್.ಸಿ. ನ್ಯಾಯಾಲಯ, ಶಿಕಾರಿಪುರ. ದಿನಾಂಕ: 22-09-2025
● ● ● ●	● ● ● ●	● ● ● ●	● ● ● ●
